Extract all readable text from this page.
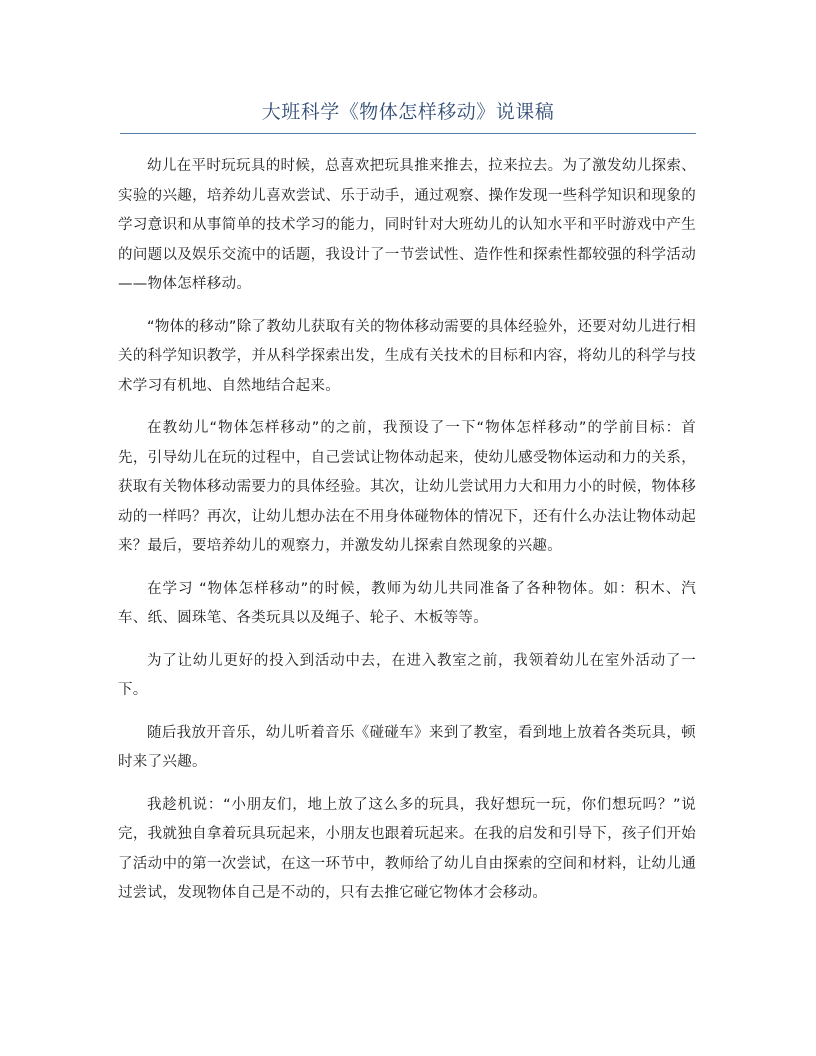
大班科学《物体怎样移动》说课稿

幼儿在平时玩玩具的时候，总喜欢把玩具推来推去，拉来拉去。为了激发幼儿探索、实验的兴趣，培养幼儿喜欢尝试、乐于动手，通过观察、操作发现一些科学知识和现象的学习意识和从事简单的技术学习的能力，同时针对大班幼儿的认知水平和平时游戏中产生的问题以及娱乐交流中的话题，我设计了一节尝试性、造作性和探索性都较强的科学活动——物体怎样移动。

“物体的移动”除了教幼儿获取有关的物体移动需要的具体经验外，还要对幼儿进行相关的科学知识教学，并从科学探索出发，生成有关技术的目标和内容，将幼儿的科学与技术学习有机地、自然地结合起来。

在教幼儿“物体怎样移动”的之前，我预设了一下“物体怎样移动”的学前目标：首先，引导幼儿在玩的过程中，自己尝试让物体动起来，使幼儿感受物体运动和力的关系，获取有关物体移动需要力的具体经验。其次，让幼儿尝试用力大和用力小的时候，物体移动的一样吗？再次，让幼儿想办法在不用身体碰物体的情况下，还有什么办法让物体动起来？最后，要培养幼儿的观察力，并激发幼儿探索自然现象的兴趣。

在学习 “物体怎样移动”的时候，教师为幼儿共同准备了各种物体。如：积木、汽车、纸、圆珠笔、各类玩具以及绳子、轮子、木板等等。

为了让幼儿更好的投入到活动中去，在进入教室之前，我领着幼儿在室外活动了一下。

随后我放开音乐，幼儿听着音乐《碰碰车》来到了教室，看到地上放着各类玩具，顿时来了兴趣。

我趁机说：“小朋友们，地上放了这么多的玩具，我好想玩一玩，你们想玩吗？”说完，我就独自拿着玩具玩起来，小朋友也跟着玩起来。在我的启发和引导下，孩子们开始了活动中的第一次尝试，在这一环节中，教师给了幼儿自由探索的空间和材料，让幼儿通过尝试，发现物体自己是不动的，只有去推它碰它物体才会移动。
